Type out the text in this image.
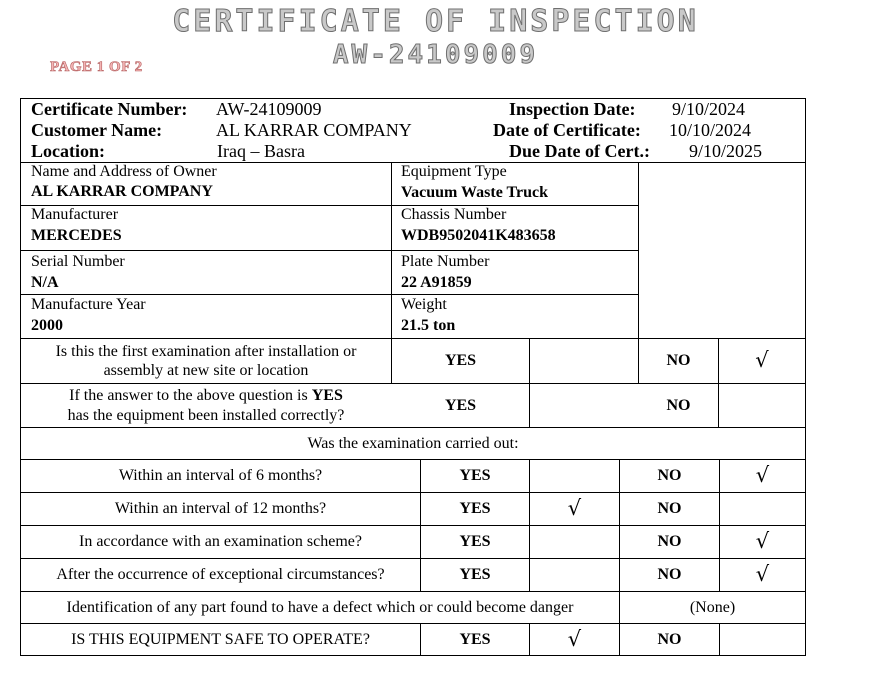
CERTIFICATE OF INSPECTION
AW-24109009
PAGE 1 OF 2
Certificate Number: AW-24109009	Inspection Date: 9/10/2024
Customer Name:	AL KARRAR COMPANY	Date of Certificate: 10/10/2024
Location:	Iraq – Basra	Due Date of Cert.: 9/10/2025
Name and Address of Owner
AL KARRAR COMPANY
Equipment Type
Vacuum Waste Truck
Manufacturer
MERCEDES
Chassis Number
WDB9502041K483658
Serial Number
N/A
Plate Number
22 A91859
Manufacture Year
2000
Weight
21.5 ton
Is this the first examination after installation or
assembly at new site or location
YES	NO	√
If the answer to the above question is YES
has the equipment been installed correctly?
YES	NO
Was the examination carried out:
Within an interval of 6 months?	YES	NO	√
Within an interval of 12 months?	YES	√	NO
In accordance with an examination scheme?	YES	NO	√
After the occurrence of exceptional circumstances?	YES	NO	√
Identification of any part found to have a defect which or could become danger	(None)
IS THIS EQUIPMENT SAFE TO OPERATE?	YES	√	NO
